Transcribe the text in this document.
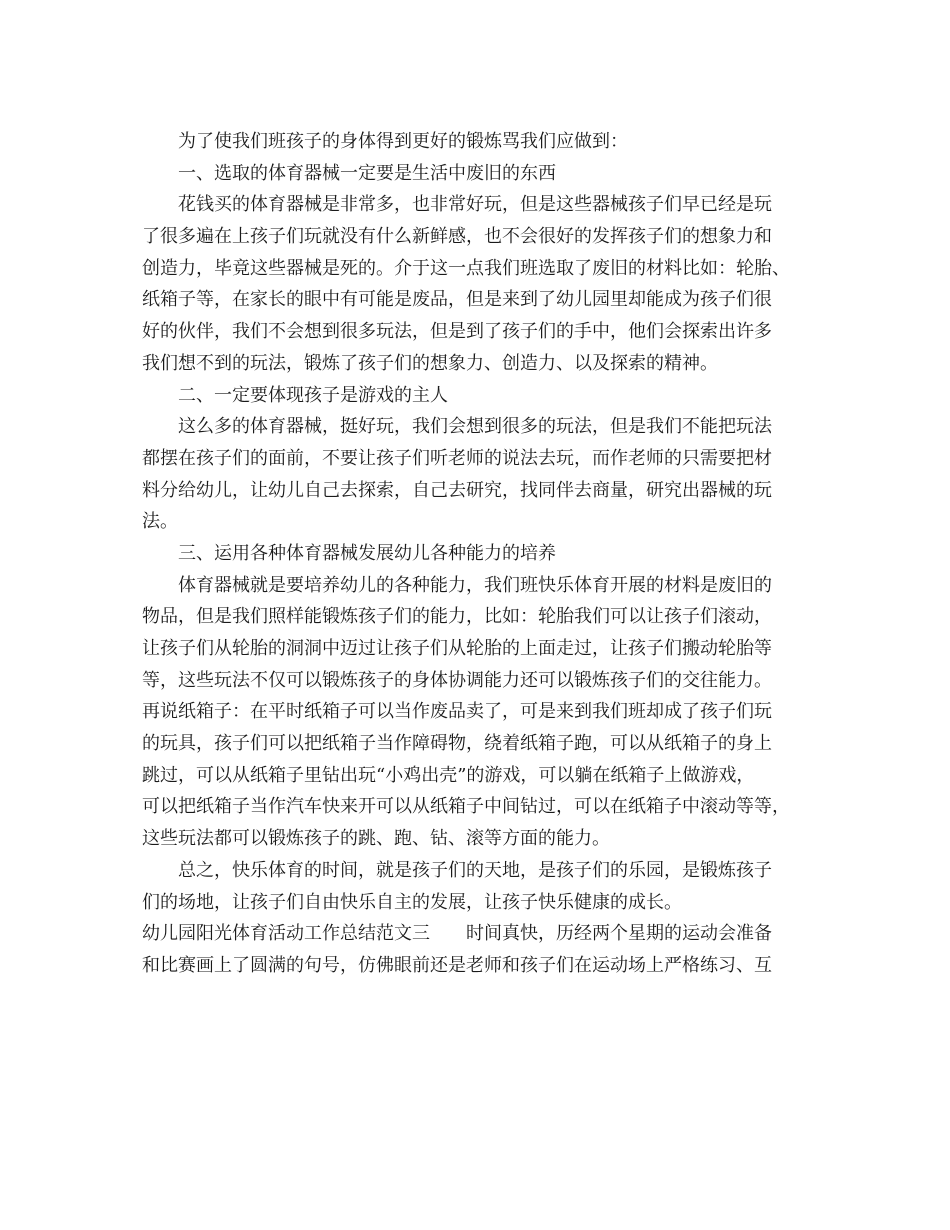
为了使我们班孩子的身体得到更好的锻炼骂我们应做到：
一、选取的体育器械一定要是生活中废旧的东西
花钱买的体育器械是非常多，也非常好玩，但是这些器械孩子们早已经是玩
了很多遍在上孩子们玩就没有什么新鲜感，也不会很好的发挥孩子们的想象力和
创造力，毕竟这些器械是死的。介于这一点我们班选取了废旧的材料比如：轮胎、
纸箱子等，在家长的眼中有可能是废品，但是来到了幼儿园里却能成为孩子们很
好的伙伴，我们不会想到很多玩法，但是到了孩子们的手中，他们会探索出许多
我们想不到的玩法，锻炼了孩子们的想象力、创造力、以及探索的精神。
二、一定要体现孩子是游戏的主人
这么多的体育器械，挺好玩，我们会想到很多的玩法，但是我们不能把玩法
都摆在孩子们的面前，不要让孩子们听老师的说法去玩，而作老师的只需要把材
料分给幼儿，让幼儿自己去探索，自己去研究，找同伴去商量，研究出器械的玩
法。
三、运用各种体育器械发展幼儿各种能力的培养
体育器械就是要培养幼儿的各种能力，我们班快乐体育开展的材料是废旧的
物品，但是我们照样能锻炼孩子们的能力，比如：轮胎我们可以让孩子们滚动，
让孩子们从轮胎的洞洞中迈过让孩子们从轮胎的上面走过，让孩子们搬动轮胎等
等，这些玩法不仅可以锻炼孩子的身体协调能力还可以锻炼孩子们的交往能力。
再说纸箱子：在平时纸箱子可以当作废品卖了，可是来到我们班却成了孩子们玩
的玩具，孩子们可以把纸箱子当作障碍物，绕着纸箱子跑，可以从纸箱子的身上
跳过，可以从纸箱子里钻出玩“小鸡出壳”的游戏，可以躺在纸箱子上做游戏，
可以把纸箱子当作汽车快来开可以从纸箱子中间钻过，可以在纸箱子中滚动等等，
这些玩法都可以锻炼孩子的跳、跑、钻、滚等方面的能力。
总之，快乐体育的时间，就是孩子们的天地，是孩子们的乐园，是锻炼孩子
们的场地，让孩子们自由快乐自主的发展，让孩子快乐健康的成长。
幼儿园阳光体育活动工作总结范文三 时间真快，历经两个星期的运动会准备
和比赛画上了圆满的句号，仿佛眼前还是老师和孩子们在运动场上严格练习、互
